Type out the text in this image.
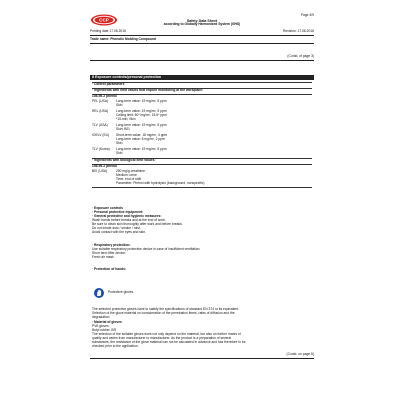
CCP
Page 4/9
Safety Data Sheet
according to Globally Harmonized System (GHS)
Printing date 17.06.2016	Revision: 17.06.2016
Trade name: Phenolic Molding Compound
(Contd. of page 3)
8 Exposure controls/personal protection
· Control parameters
· Ingredients with limit values that require monitoring at the workplace:
108-95-2 phenol
PEL (USA) Long-term value: 19 mg/m³, 5 ppm
Skin
REL (USA) Long-term value: 19 mg/m³, 5 ppm
Ceiling limit: 60* mg/m³, 15.6* ppm
*15-min; Skin
TLV (USA)	Long-term value: 19 mg/m³, 5 ppm
Skin; BEI
IOELV (EU) Short-term value: 16 mg/m³, 4 ppm
Long-term value: 8 mg/m³, 2 ppm
Skin
TLV (Korea) Long-term value: 19 mg/m³, 5 ppm
Skin
· Ingredients with biological limit values:
108-95-2 phenol
BEI (USA)	250 mg/g creatinine
Medium: urine
Time: end of shift
Parameter: Phenol with hydrolysis (background, nonspecific)
· Exposure controls
· Personal protective equipment:
· General protective and hygienic measures:
Wash hands before breaks and at the end of work.
Be sure to clean skin thoroughly after work and before breaks.
Do not inhale dust / smoke / mist.
Avoid contact with the eyes and skin.
· Respiratory protection:
Use suitable respiratory protective device in case of insufficient ventilation.
Short term filter device:
Fresh air mask
· Protection of hands:
Protective gloves
The selected protective gloves have to satisfy the specifications of standard EN 374 or its equivalent.
Selection of the glove material on consideration of the penetration times, rates of diffusion and the
degradation
· Material of gloves
PVA gloves
Butyl rubber, BR
The selection of the suitable gloves does not only depend on the material, but also on further marks of
quality and varies from manufacturer to manufacturer. As the product is a preparation of several
substances, the resistance of the glove material can not be calculated in advance and has therefore to be
checked prior to the application.
(Contd. on page 5)
